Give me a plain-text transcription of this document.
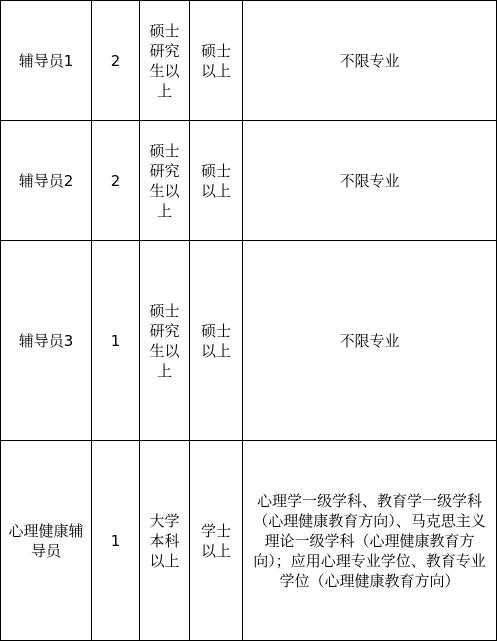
辅导员1	2	硕士研究生以上	硕士以上	不限专业
辅导员2	2	硕士研究生以上	硕士以上	不限专业
辅导员3	1	硕士研究生以上	硕士以上	不限专业
心理健康辅导员	1	大学本科以上	学士以上	心理学一级学科、教育学一级学科（心理健康教育方向）、马克思主义理论一级学科（心理健康教育方向）；应用心理专业学位、教育专业学位（心理健康教育方向）
